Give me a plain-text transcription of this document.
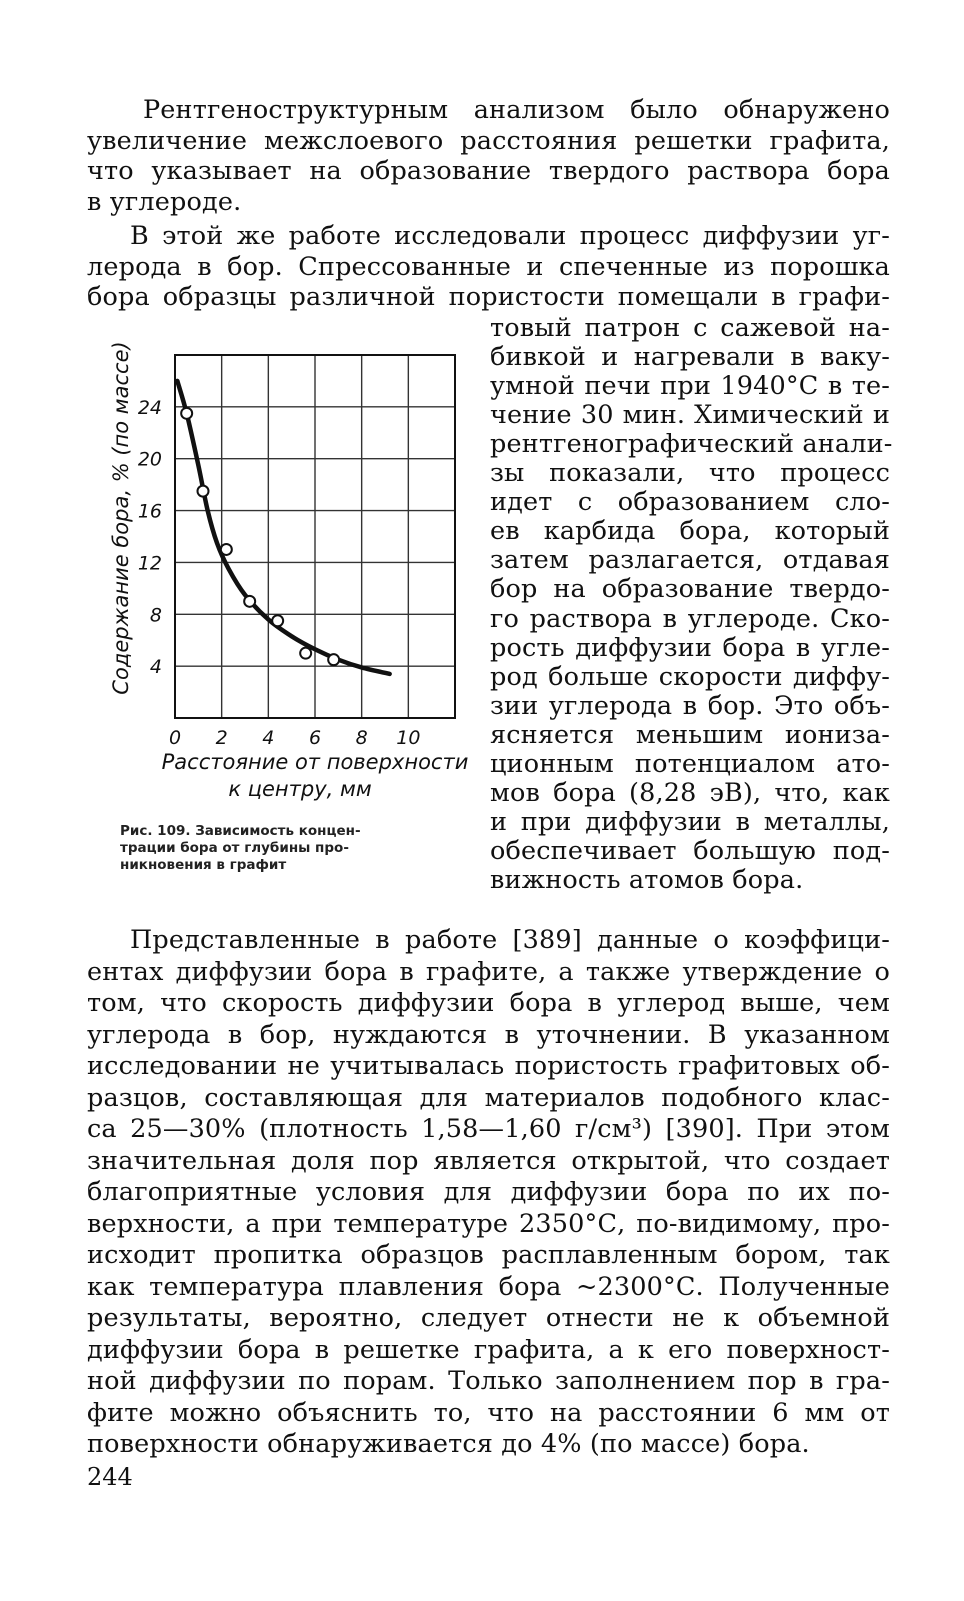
Рентгеноструктурным анализом было обнаружено
увеличение межслоевого расстояния решетки графита,
что указывает на образование твердого раствора бора
в углероде.
В этой же работе исследовали процесс диффузии уг-
лерода в бор. Спрессованные и спеченные из порошка
бора образцы различной пористости помещали в графи-
товый патрон с сажевой на-
бивкой и нагревали в ваку-
умной печи при 1940°С в те-
чение 30 мин. Химический и
рентгенографический анали-
зы показали, что процесс
идет с образованием сло-
ев карбида бора, который
затем разлагается, отдавая
бор на образование твердо-
го раствора в углероде. Ско-
рость диффузии бора в угле-
род больше скорости диффу-
зии углерода в бор. Это объ-
ясняется меньшим иониза-
ционным потенциалом ато-
мов бора (8,28 эВ), что, как
и при диффузии в металлы,
обеспечивает большую под-
вижность атомов бора.
Представленные в работе [389] данные о коэффици-
ентах диффузии бора в графите, а также утверждение о
том, что скорость диффузии бора в углерод выше, чем
углерода в бор, нуждаются в уточнении. В указанном
исследовании не учитывалась пористость графитовых об-
разцов, составляющая для материалов подобного клас-
са 25—30% (плотность 1,58—1,60 г/см³) [390]. При этом
значительная доля пор является открытой, что создает
благоприятные условия для диффузии бора по их по-
верхности, а при температуре 2350°С, по-видимому, про-
исходит пропитка образцов расплавленным бором, так
как температура плавления бора ~2300°С. Полученные
результаты, вероятно, следует отнести не к объемной
диффузии бора в решетке графита, а к его поверхност-
ной диффузии по порам. Только заполнением пор в гра-
фите можно объяснить то, что на расстоянии 6 мм от
поверхности обнаруживается до 4% (по массе) бора.
Рис. 109. Зависимость концен-
трации бора от глубины про-
никновения в графит
244
0 2 4 6 8 10
4
8
12
16
20
24
Расстояние от поверхности
к центру, мм
Содержание бора, % (по массе)
